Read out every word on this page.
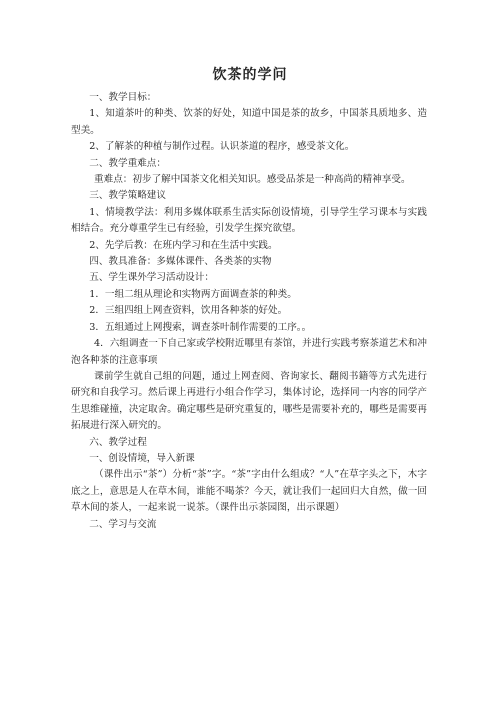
饮茶的学问

一、教学目标：

1、知道茶叶的种类、饮茶的好处，知道中国是茶的故乡，中国茶具质地多、造型美。

2、了解茶的种植与制作过程。认识茶道的程序，感受茶文化。

二、教学重难点：

重难点：初步了解中国茶文化相关知识。感受品茶是一种高尚的精神享受。

三、教学策略建议

1、情境教学法：利用多媒体联系生活实际创设情境，引导学生学习课本与实践相结合。充分尊重学生已有经验，引发学生探究欲望。

2、先学后教：在班内学习和在生活中实践。

四、教具准备：多媒体课件、各类茶的实物

五、学生课外学习活动设计：

1．一组二组从理论和实物两方面调查茶的种类。

2．三组四组上网查资料，饮用各种茶的好处。

3．五组通过上网搜索，调查茶叶制作需要的工序。。

4．六组调查一下自己家或学校附近哪里有茶馆，并进行实践考察茶道艺术和冲泡各种茶的注意事项

课前学生就自己组的问题，通过上网查阅、咨询家长、翻阅书籍等方式先进行研究和自我学习。然后课上再进行小组合作学习，集体讨论，选择同一内容的同学产生思维碰撞，决定取舍。确定哪些是研究重复的，哪些是需要补充的，哪些是需要再拓展进行深入研究的。

六、教学过程

一、创设情境，导入新课

（课件出示“茶”）分析“茶”字。“茶”字由什么组成？“人”在草字头之下，木字底之上，意思是人在草木间，谁能不喝茶？今天，就让我们一起回归大自然，做一回草木间的茶人，一起来说一说茶。（课件出示茶园图，出示课题）

二、学习与交流
